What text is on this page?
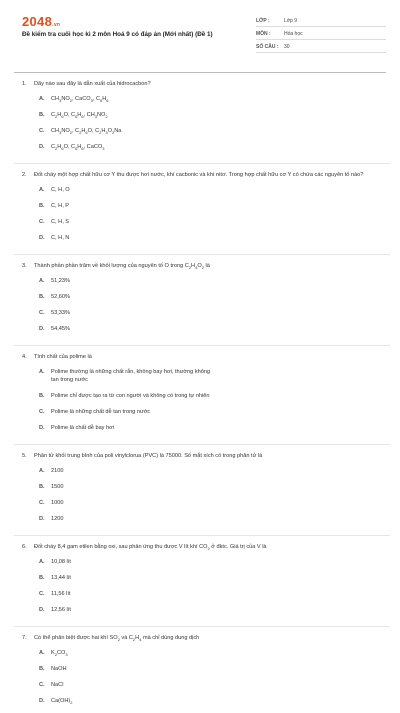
2048.vn
Đề kiểm tra cuối học kì 2 môn Hoá 9 có đáp án (Mới nhất) (Đề 1)
LỚP :	Lớp 9
MÔN :	Hóa học
SỐ CÂU :	30
1.	Dãy nào sau đây là dẫn xuất của hidrocacbon?
A.	$CH_3NO_2$, CaCO$_3$, $C_6H_6$
B.	$C_2H_6O$, $C_6H_6$, $CH_3NO_2$
C.	$CH_3NO_2$, $C_2H_6O$, $C_2H_3O_2Na$
D.	$C_2H_6O$, $C_6H_6$, CaCO$_3$
2.	Đốt cháy một hợp chất hữu cơ Y thu được hơi nước, khí cacbonic và khí nitơ. Trong hợp chất hữu cơ Y có chứa các nguyên tố nào?
A.	C, H, O
B.	C, H, P
C.	C, H, S
D.	C, H, N
3.	Thành phần phần trăm về khối lượng của nguyên tố O trong $C_2H_4O_2$ là
A.	51,23%
B.	52,60%
C.	53,33%
D.	54,45%
4.	Tính chất của polime là
A.	Polime thường là những chất rắn, không bay hơi, thường không tan trong nước
B.	Polime chỉ được tạo ra từ con người và không có trong tự nhiên
C.	Polime là những chất dễ tan trong nước
D.	Polime là chất dễ bay hơi
5.	Phân tử khối trung bình của poli vinylclorua (PVC) là 75000. Số mắt xích có trong phân tử là
A.	2100
B.	1500
C.	1000
D.	1200
6.	Đốt cháy 8,4 gam etilen bằng oxi, sau phản ứng thu được V lít khí $CO_2$ ở đktc. Giá trị của V là
A.	10,08 lít
B.	13,44 lít
C.	11,56 lít
D.	12,56 lít
7.	Có thể phân biệt được hai khí $SO_2$ và $C_2H_4$ mà chỉ dùng dung dịch
A.	$K_2CO_3$
B.	NaOH
C.	NaCl
D.	$Ca(OH)_2$
